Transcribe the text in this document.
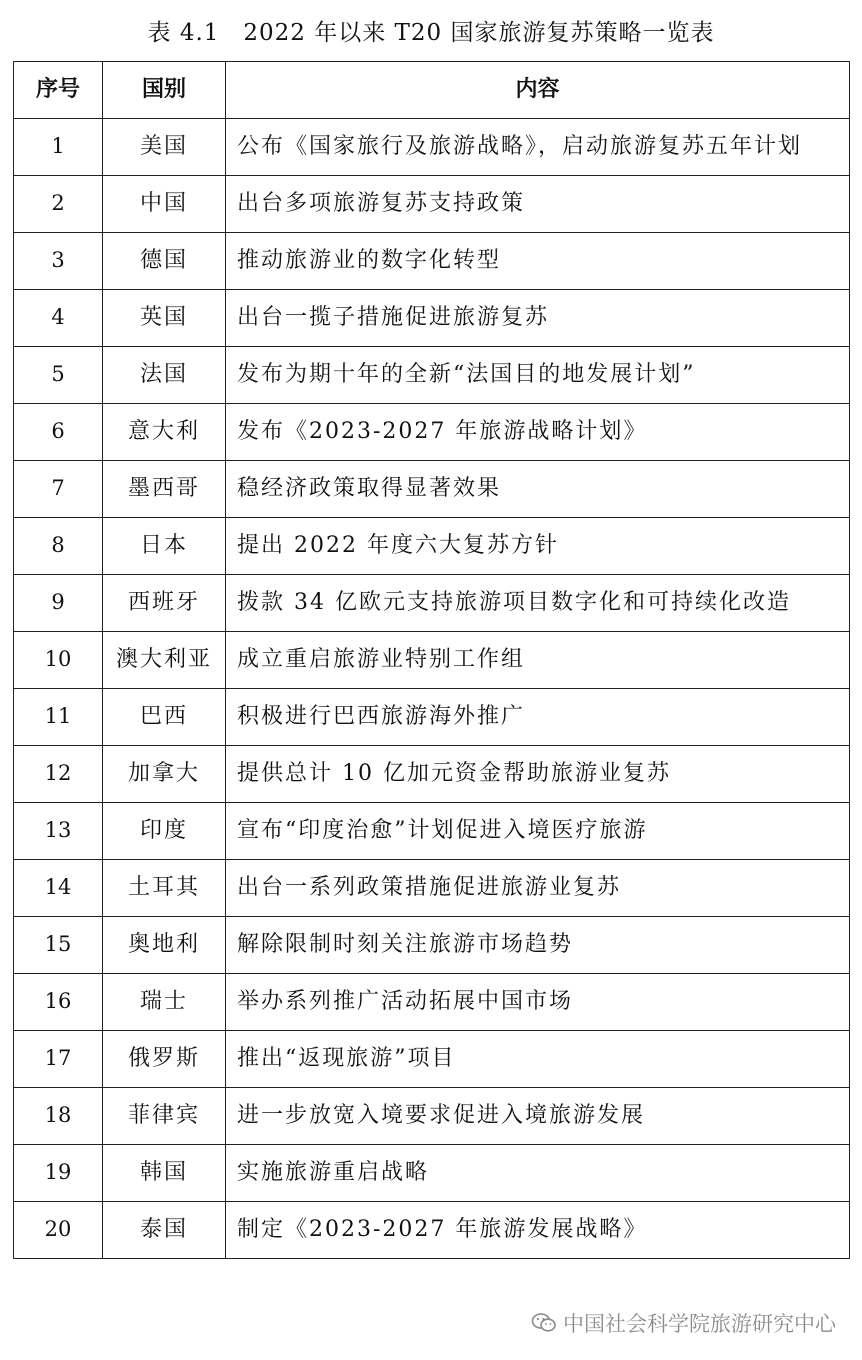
表 4.1　2022 年以来 T20 国家旅游复苏策略一览表
序号	国别	内容
1	美国	公布《国家旅行及旅游战略》，启动旅游复苏五年计划
2	中国	出台多项旅游复苏支持政策
3	德国	推动旅游业的数字化转型
4	英国	出台一揽子措施促进旅游复苏
5	法国	发布为期十年的全新“法国目的地发展计划”
6	意大利	发布《2023-2027 年旅游战略计划》
7	墨西哥	稳经济政策取得显著效果
8	日本	提出 2022 年度六大复苏方针
9	西班牙	拨款 34 亿欧元支持旅游项目数字化和可持续化改造
10	澳大利亚	成立重启旅游业特别工作组
11	巴西	积极进行巴西旅游海外推广
12	加拿大	提供总计 10 亿加元资金帮助旅游业复苏
13	印度	宣布“印度治愈”计划促进入境医疗旅游
14	土耳其	出台一系列政策措施促进旅游业复苏
15	奥地利	解除限制时刻关注旅游市场趋势
16	瑞士	举办系列推广活动拓展中国市场
17	俄罗斯	推出“返现旅游”项目
18	菲律宾	进一步放宽入境要求促进入境旅游发展
19	韩国	实施旅游重启战略
20	泰国	制定《2023-2027 年旅游发展战略》
中国社会科学院旅游研究中心
